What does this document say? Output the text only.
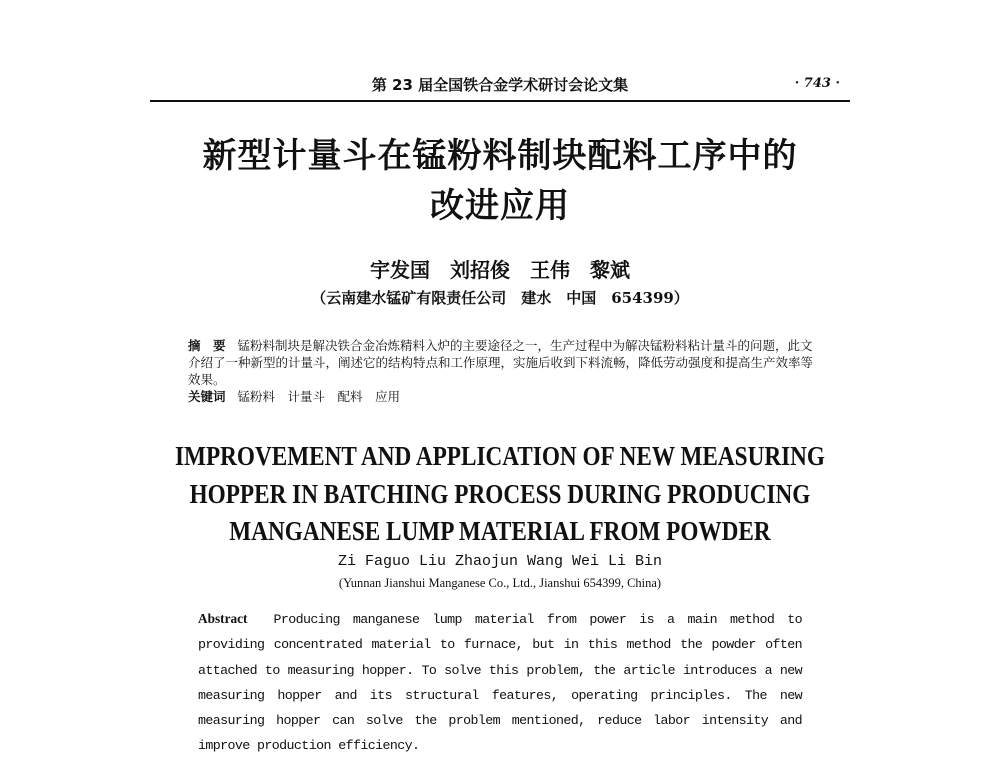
第 23 届全国铁合金学术研讨会论文集	· 743 ·
新型计量斗在锰粉料制块配料工序中的
改进应用
宇发国　刘招俊　王伟　黎斌
（云南建水锰矿有限责任公司　建水　中国　654399）
摘　要 锰粉料制块是解决铁合金冶炼精料入炉的主要途径之一，生产过程中为解决锰粉料粘计量斗的问题，此文介绍了一种新型的计量斗，阐述它的结构特点和工作原理，实施后收到下料流畅，降低劳动强度和提高生产效率等效果。
关键词 锰粉料　计量斗　配料　应用
IMPROVEMENT AND APPLICATION OF NEW MEASURING
HOPPER IN BATCHING PROCESS DURING PRODUCING
MANGANESE LUMP MATERIAL FROM POWDER
Zi Faguo Liu Zhaojun Wang Wei Li Bin
(Yunnan Jianshui Manganese Co., Ltd., Jianshui 654399, China)
Abstract Producing manganese lump material from power is a main method to providing concentrated material to furnace, but in this method the powder often attached to measuring hopper. To solve this problem, the article introduces a new measuring hopper and its structural features, operating principles. The new measuring hopper can solve the problem mentioned, reduce labor intensity and improve production efficiency.
